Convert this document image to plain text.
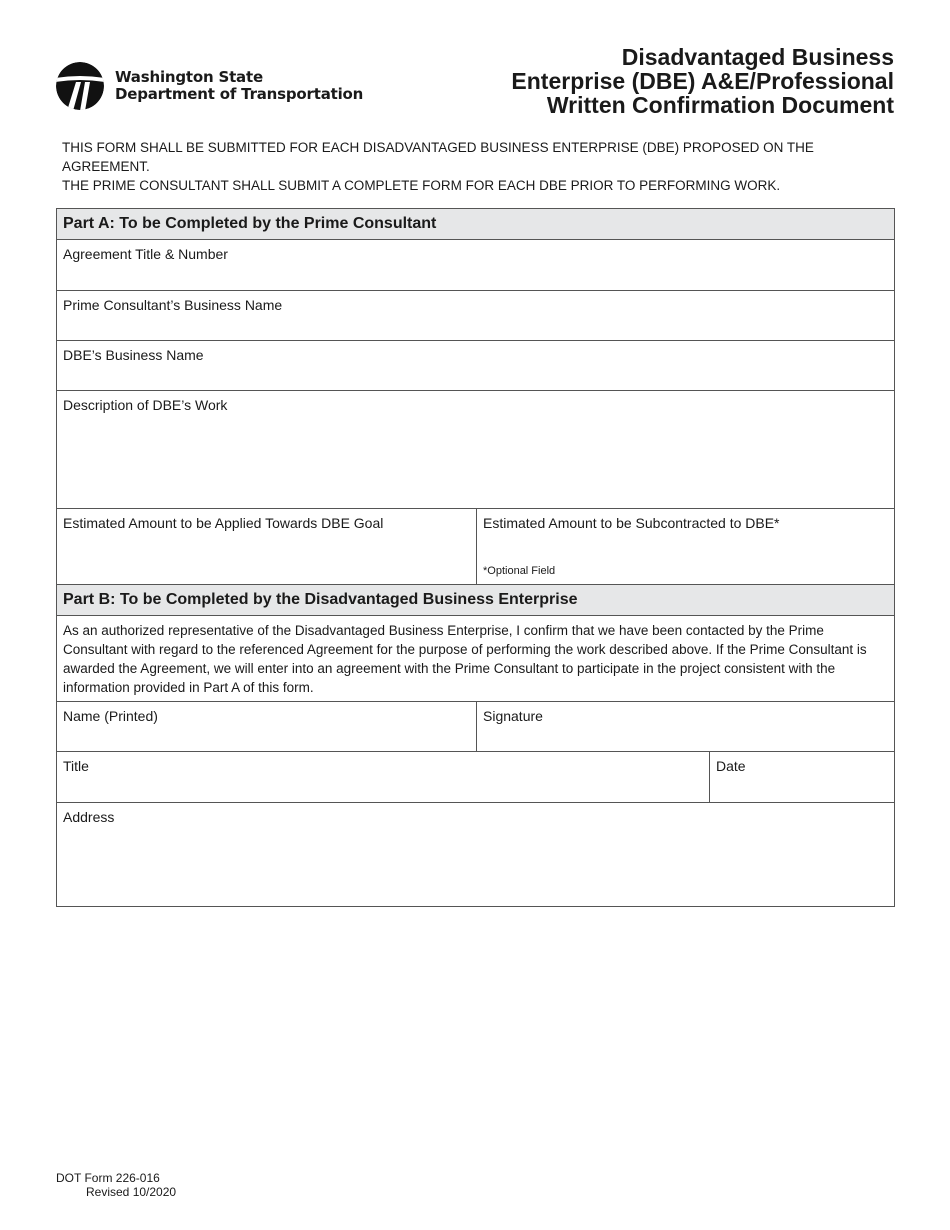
Washington State
Department of Transportation
Disadvantaged Business
Enterprise (DBE) A&E/Professional
Written Confirmation Document

THIS FORM SHALL BE SUBMITTED FOR EACH DISADVANTAGED BUSINESS ENTERPRISE (DBE) PROPOSED ON THE AGREEMENT.

THE PRIME CONSULTANT SHALL SUBMIT A COMPLETE FORM FOR EACH DBE PRIOR TO PERFORMING WORK.

Part A: To be Completed by the Prime Consultant
Agreement Title & Number
Prime Consultant’s Business Name
DBE’s Business Name
Description of DBE’s Work
Estimated Amount to be Applied Towards DBE Goal	Estimated Amount to be Subcontracted to DBE*
*Optional Field
Part B: To be Completed by the Disadvantaged Business Enterprise
As an authorized representative of the Disadvantaged Business Enterprise, I confirm that we have been contacted by the Prime Consultant with regard to the referenced Agreement for the purpose of performing the work described above. If the Prime Consultant is awarded the Agreement, we will enter into an agreement with the Prime Consultant to participate in the project consistent with the information provided in Part A of this form.
Name (Printed)	Signature
Title	Date
Address
DOT Form 226-016
Revised 10/2020
